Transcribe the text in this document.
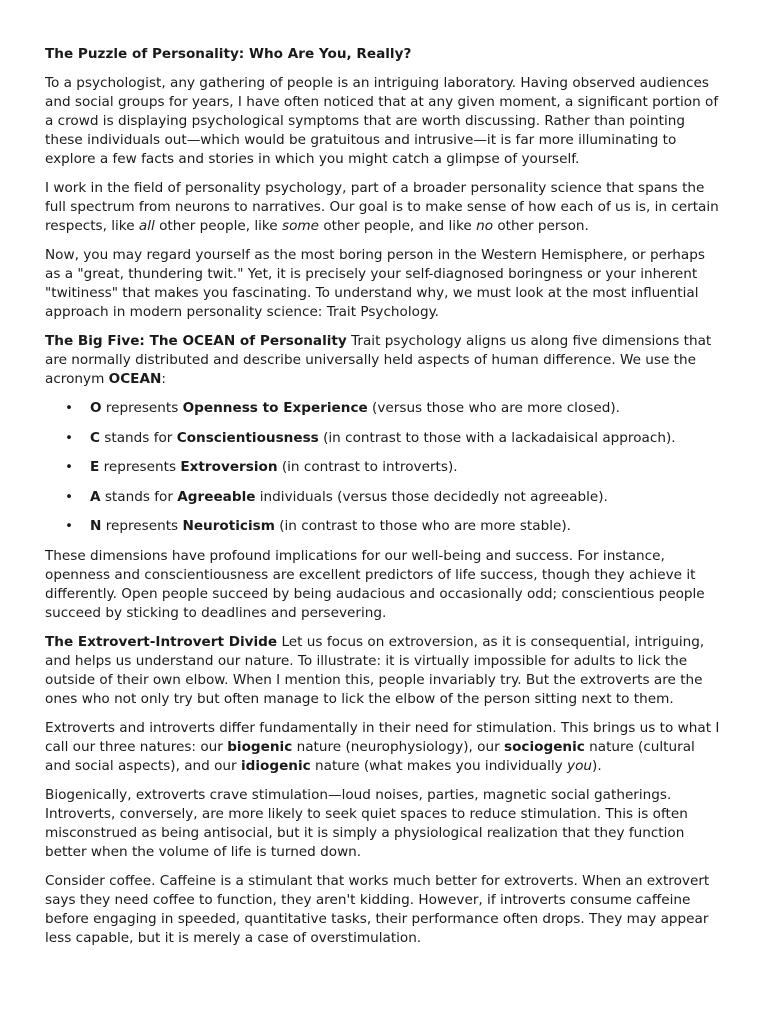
The Puzzle of Personality: Who Are You, Really?

To a psychologist, any gathering of people is an intriguing laboratory. Having observed audiences and social groups for years, I have often noticed that at any given moment, a significant portion of a crowd is displaying psychological symptoms that are worth discussing. Rather than pointing these individuals out—which would be gratuitous and intrusive—it is far more illuminating to explore a few facts and stories in which you might catch a glimpse of yourself.

I work in the field of personality psychology, part of a broader personality science that spans the full spectrum from neurons to narratives. Our goal is to make sense of how each of us is, in certain respects, like all other people, like some other people, and like no other person.

Now, you may regard yourself as the most boring person in the Western Hemisphere, or perhaps as a "great, thundering twit." Yet, it is precisely your self-diagnosed boringness or your inherent "twitiness" that makes you fascinating. To understand why, we must look at the most influential approach in modern personality science: Trait Psychology.

The Big Five: The OCEAN of Personality Trait psychology aligns us along five dimensions that are normally distributed and describe universally held aspects of human difference. We use the acronym OCEAN:

• O represents Openness to Experience (versus those who are more closed).
• C stands for Conscientiousness (in contrast to those with a lackadaisical approach).
• E represents Extroversion (in contrast to introverts).
• A stands for Agreeable individuals (versus those decidedly not agreeable).
• N represents Neuroticism (in contrast to those who are more stable).

These dimensions have profound implications for our well-being and success. For instance, openness and conscientiousness are excellent predictors of life success, though they achieve it differently. Open people succeed by being audacious and occasionally odd; conscientious people succeed by sticking to deadlines and persevering.

The Extrovert-Introvert Divide Let us focus on extroversion, as it is consequential, intriguing, and helps us understand our nature. To illustrate: it is virtually impossible for adults to lick the outside of their own elbow. When I mention this, people invariably try. But the extroverts are the ones who not only try but often manage to lick the elbow of the person sitting next to them.

Extroverts and introverts differ fundamentally in their need for stimulation. This brings us to what I call our three natures: our biogenic nature (neurophysiology), our sociogenic nature (cultural and social aspects), and our idiogenic nature (what makes you individually you).

Biogenically, extroverts crave stimulation—loud noises, parties, magnetic social gatherings. Introverts, conversely, are more likely to seek quiet spaces to reduce stimulation. This is often misconstrued as being antisocial, but it is simply a physiological realization that they function better when the volume of life is turned down.

Consider coffee. Caffeine is a stimulant that works much better for extroverts. When an extrovert says they need coffee to function, they aren't kidding. However, if introverts consume caffeine before engaging in speeded, quantitative tasks, their performance often drops. They may appear less capable, but it is merely a case of overstimulation.
